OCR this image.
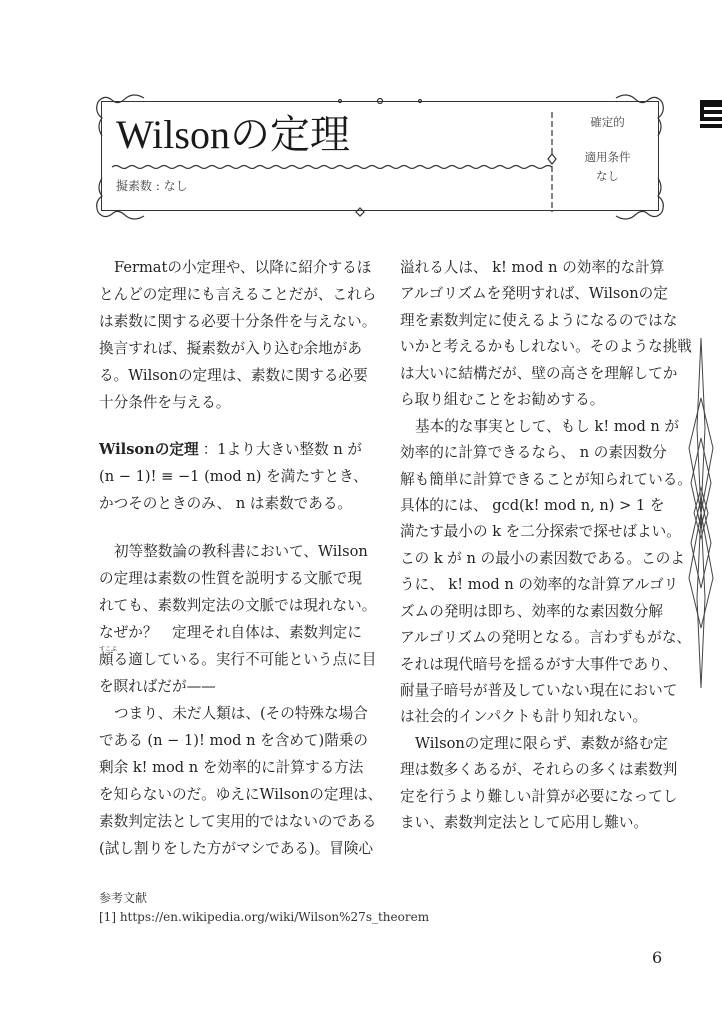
Wilsonの定理
擬素数 : なし
確定的
適用条件
なし
Fermatの小定理や、以降に紹介するほ
とんどの定理にも言えることだが、これら
は素数に関する必要十分条件を与えない。
換言すれば、擬素数が入り込む余地があ
る。Wilsonの定理は、素数に関する必要
十分条件を与える。
Wilsonの定理 ：1より大きい整数 n が
(n − 1)! ≡ −1 (mod n) を満たすとき、
かつそのときのみ、 n は素数である。
すこぶ
初等整数論の教科書において、Wilson
の定理は素数の性質を説明する文脈で現
れても、素数判定法の文脈では現れない。
なぜか？　定理それ自体は、素数判定に
頗る適している。実行不可能という点に目
を瞑ればだが——
つまり、未だ人類は、(その特殊な場合
である (n − 1)! mod n を含めて)階乗の
剰余 k! mod n を効率的に計算する方法
を知らないのだ。ゆえにWilsonの定理は、
素数判定法として実用的ではないのである
(試し割りをした方がマシである)。冒険心
溢れる人は、 k! mod n の効率的な計算
アルゴリズムを発明すれば、Wilsonの定
理を素数判定に使えるようになるのではな
いかと考えるかもしれない。そのような挑戦
は大いに結構だが、壁の高さを理解してか
ら取り組むことをお勧めする。
基本的な事実として、もし k! mod n が
効率的に計算できるなら、 n の素因数分
解も簡単に計算できることが知られている。
具体的には、 gcd(k! mod n, n) > 1 を
満たす最小の k を二分探索で探せばよい。
この k が n の最小の素因数である。このよ
うに、 k! mod n の効率的な計算アルゴリ
ズムの発明は即ち、効率的な素因数分解
アルゴリズムの発明となる。言わずもがな、
それは現代暗号を揺るがす大事件であり、
耐量子暗号が普及していない現在において
は社会的インパクトも計り知れない。
Wilsonの定理に限らず、素数が絡む定
理は数多くあるが、それらの多くは素数判
定を行うより難しい計算が必要になってし
まい、素数判定法として応用し難い。
参考文献
[1] https://en.wikipedia.org/wiki/Wilson%27s_theorem
6
